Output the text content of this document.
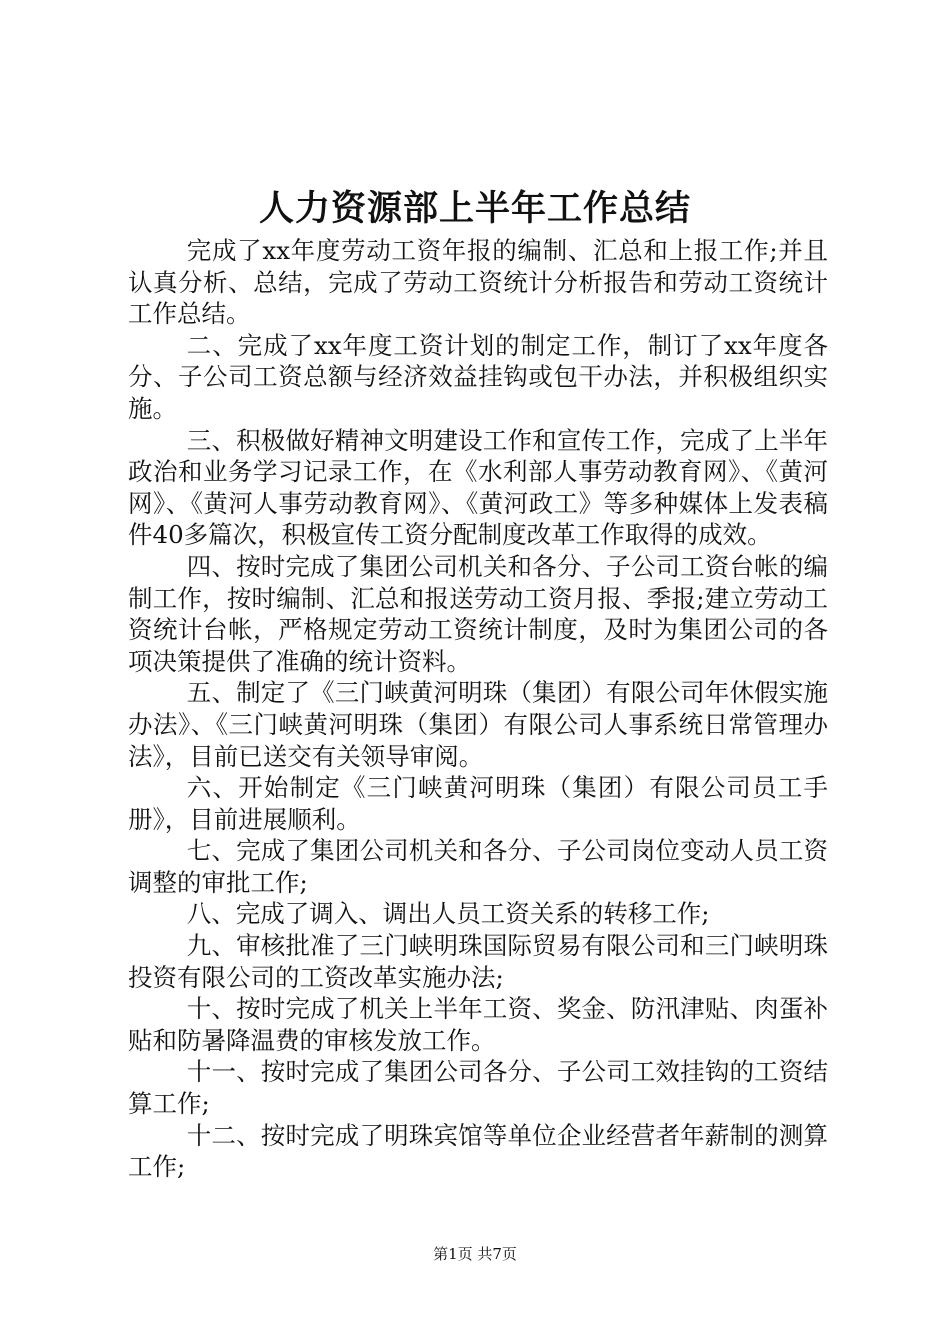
人力资源部上半年工作总结

完成了xx年度劳动工资年报的编制、汇总和上报工作;并且认真分析、总结，完成了劳动工资统计分析报告和劳动工资统计工作总结。

二、完成了xx年度工资计划的制定工作，制订了xx年度各分、子公司工资总额与经济效益挂钩或包干办法，并积极组织实施。

三、积极做好精神文明建设工作和宣传工作，完成了上半年政治和业务学习记录工作，在《水利部人事劳动教育网》、《黄河网》、《黄河人事劳动教育网》、《黄河政工》等多种媒体上发表稿件40多篇次，积极宣传工资分配制度改革工作取得的成效。

四、按时完成了集团公司机关和各分、子公司工资台帐的编制工作，按时编制、汇总和报送劳动工资月报、季报;建立劳动工资统计台帐，严格规定劳动工资统计制度，及时为集团公司的各项决策提供了准确的统计资料。

五、制定了《三门峡黄河明珠（集团）有限公司年休假实施办法》、《三门峡黄河明珠（集团）有限公司人事系统日常管理办法》，目前已送交有关领导审阅。

六、开始制定《三门峡黄河明珠（集团）有限公司员工手册》，目前进展顺利。

七、完成了集团公司机关和各分、子公司岗位变动人员工资调整的审批工作;

八、完成了调入、调出人员工资关系的转移工作;

九、审核批准了三门峡明珠国际贸易有限公司和三门峡明珠投资有限公司的工资改革实施办法;

十、按时完成了机关上半年工资、奖金、防汛津贴、肉蛋补贴和防暑降温费的审核发放工作。

十一、按时完成了集团公司各分、子公司工效挂钩的工资结算工作;

十二、按时完成了明珠宾馆等单位企业经营者年薪制的测算工作;

第1页 共7页
